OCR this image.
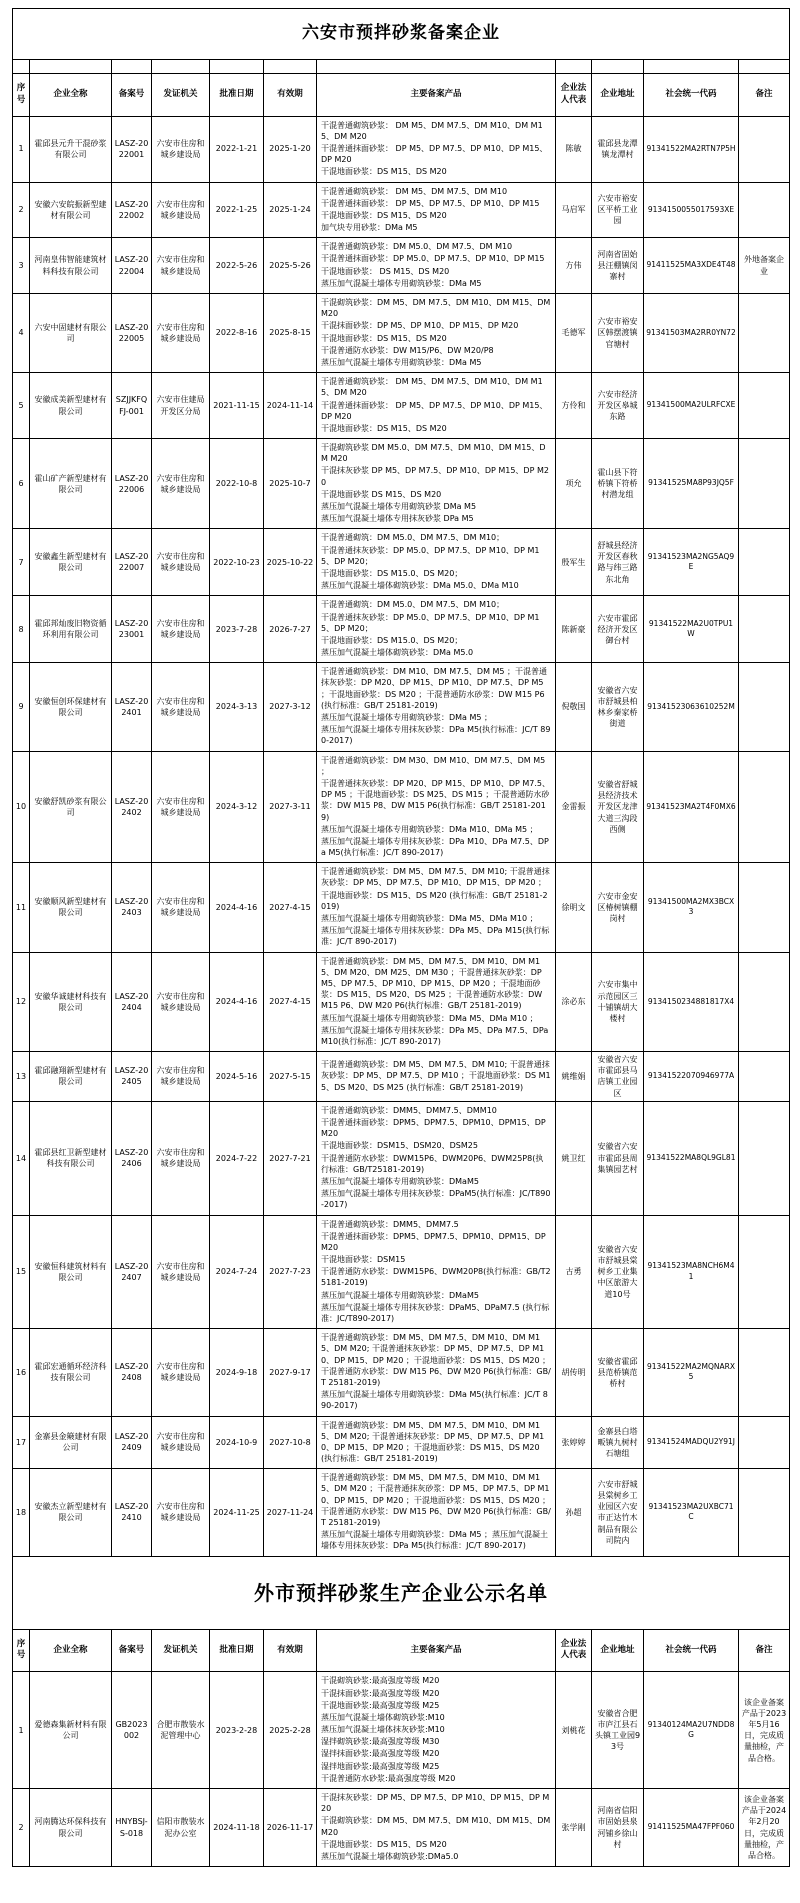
六安市预拌砂浆备案企业										

序号	企业全称	备案号	发证机关	批准日期	有效期	主要备案产品	企业法人代表	企业地址	社会统一代码	备注
1	霍邱县元升干混砂浆有限公司	LASZ-2022001	六安市住房和城乡建设局	2022-1-21	2025-1-20	干混普通砌筑砂浆： DM M5、DM M7.5、DM M10、DM M15、DM M20
干混普通抹面砂浆： DP M5、DP M7.5、DP M10、DP M15、DP M20
干混地面砂浆：DS M15、DS M20	陈敏	霍邱县龙潭镇龙潭村	91341522MA2RTN7P5H	
2	安徽六安皖振新型建材有限公司	LASZ-2022002	六安市住房和城乡建设局	2022-1-25	2025-1-24	干混普通砌筑砂浆： DM M5、DM M7.5、DM M10
干混普通抹面砂浆： DP M5、DP M7.5、DP M10、DP M15
干混地面砂浆：DS M15、DS M20
加气块专用砂浆：DMa M5	马启军	六安市裕安区平桥工业园	9134150055017593XE	
3	河南皇伟智能建筑材料科技有限公司	LASZ-2022004	六安市住房和城乡建设局	2022-5-26	2025-5-26	干混普通砌筑砂浆：DM M5.0、DM M7.5、DM M10
干混普通抹面砂浆：DP M5.0、DP M7.5、DP M10、DP M15
干混地面砂浆： DS M15、DS M20
蒸压加气混凝土墙体专用砌筑砂浆：DMa M5	方伟	河南省固始县汪棚镇闵寨村	91411525MA3XDE4T48	外地备案企业
4	六安中固建材有限公司	LASZ-2022005	六安市住房和城乡建设局	2022-8-16	2025-8-15	干混砌筑砂浆：DM M5、DM M7.5、DM M10、DM M15、DM M20
干混抹面砂浆：DP M5、DP M10、DP M15、DP M20
干混地面砂浆：DS M15、DS M20
干混普通防水砂浆：DW M15/P6、DW M20/P8
蒸压加气混凝土墙体专用砌筑砂浆：DMa M5	毛德军	六安市裕安区韩摆渡镇官塘村	91341503MA2RR0YN72	
5	安徽成美新型建材有限公司	SZJJKFQFJ-001	六安市住建局开发区分局	2021-11-15	2024-11-14	干混普通砌筑砂浆： DM M5、DM M7.5、DM M10、DM M15、DM M20
干混普通抹面砂浆： DP M5、DP M7.5、DP M10、DP M15、DP M20
干混地面砂浆：DS M15、DS M20	方伶和	六安市经济开发区皋城东路	91341500MA2ULRFCXE	
6	霍山矿产新型建材有限公司	LASZ-2022006	六安市住房和城乡建设局	2022-10-8	2025-10-7	干混砌筑砂浆 DM M5.0、DM M7.5、DM M10、DM M15、DM M20
干混抹灰砂浆 DP M5、DP M7.5、DP M10、DP M15、DP M20
干混地面砂浆 DS M15、DS M20
蒸压加气混凝土墙体专用砌筑砂浆 DMa M5
蒸压加气混凝土墙体专用抹灰砂浆 DPa M5	项允	霍山县下符桥镇下符桥村潜龙组	91341525MA8P93JQ5F	
7	安徽鑫生新型建材有限公司	LASZ-2022007	六安市住房和城乡建设局	2022-10-23	2025-10-22	干混普通砌筑：DM M5.0、DM M7.5、DM M10；
干混普通抹灰砂浆：DP M5.0、DP M7.5、DP M10、DP M15、DP M20；
干混地面砂浆：DS M15.0、DS M20；
蒸压加气混凝土墙体砌筑砂浆：DMa M5.0、DMa M10	殷军生	舒城县经济开发区春秋路与纬三路东北角	91341523MA2NG5AQ9E	
8	霍邱邦灿废旧物资循环利用有限公司	LASZ-2023001	六安市住房和城乡建设局	2023-7-28	2026-7-27	干混普通砌筑：DM M5.0、DM M7.5、DM M10；
干混普通抹灰砂浆：DP M5.0、DP M7.5、DP M10、DP M15、DP M20；
干混地面砂浆：DS M15.0、DS M20；
蒸压加气混凝土墙体砌筑砂浆：DMa M5.0	陈新豪	六安市霍邱经济开发区御台村	91341522MA2U0TPU1W	
9	安徽恒创环保建材有限公司	LASZ-202401	六安市住房和城乡建设局	2024-3-13	2027-3-12	干混普通砌筑砂浆：DM M10、DM M7.5、DM M5 ；干混普通抹灰砂浆：DP M20、DP M15、DP M10、DP M7.5、DP M5 ；干混地面砂浆：DS M20 ；干混普通防水砂浆：DW M15 P6(执行标准：GB/T 25181-2019)
蒸压加气混凝土墙体专用砌筑砂浆：DMa M5 ；
蒸压加气混凝土墙体专用抹灰砂浆：DPa M5(执行标准：JC/T 890-2017)	倪敬国	安徽省六安市舒城县柏林乡秦家桥街道	91341523063610252M	
10	安徽舒凯砂浆有限公司	LASZ-202402	六安市住房和城乡建设局	2024-3-12	2027-3-11	干混普通砌筑砂浆：DM M30、DM M10、DM M7.5、DM M5 ；
干混普通抹灰砂浆：DP M20、DP M15、DP M10、DP M7.5、DP M5 ；干混地面砂浆：DS M25、DS M15 ；干混普通防水砂浆：DW M15 P8、DW M15 P6(执行标准：GB/T 25181-2019)
蒸压加气混凝土墙体专用砌筑砂浆：DMa M10、DMa M5 ；
蒸压加气混凝土墙体专用抹灰砂浆：DPa M10、DPa M7.5、DPa M5(执行标准：JC/T 890-2017)	金雷振	安徽省舒城县经济技术开发区龙津大道三沟段西侧	91341523MA2T4F0MX6	
11	安徽顺风新型建材有限公司	LASZ-202403	六安市住房和城乡建设局	2024-4-16	2027-4-15	干混普通砌筑砂浆：DM M5、DM M7.5、DM M10; 干混普通抹灰砂浆：DP M5、DP M7.5、DP M10、DP M15、DP M20 ；
干混地面砂浆：DS M15、DS M20 (执行标准：GB/T 25181-2019)
蒸压加气混凝土墙体专用砌筑砂浆：DMa M5、DMa M10 ；
蒸压加气混凝土墙体专用抹灰砂浆：DPa M5、DPa M15(执行标准：JC/T 890-2017)	徐明文	六安市金安区椿树镇棚岗村	91341500MA2MX3BCX3	
12	安徽华诚建材科技有限公司	LASZ-202404	六安市住房和城乡建设局	2024-4-16	2027-4-15	干混普通砌筑砂浆：DM M5、DM M7.5、DM M10、DM M15、DM M20、DM M25、DM M30 ；干混普通抹灰砂浆：DP M5、DP M7.5、DP M10、DP M15、DP M20 ；干混地面砂浆：DS M15、DS M20、DS M25 ；干混普通防水砂浆：DW M15 P6、DW M20 P6(执行标准：GB/T 25181-2019)
蒸压加气混凝土墙体专用砌筑砂浆：DMa M5、DMa M10 ；
蒸压加气混凝土墙体专用抹灰砂浆：DPa M5、DPa M7.5、DPa M10(执行标准：JC/T 890-2017)	涂必东	六安市集中示范园区三十铺镇胡大楼村	9134150234881817X4	
13	霍邱融翔新型建材有限公司	LASZ-202405	六安市住房和城乡建设局	2024-5-16	2027-5-15	干混普通砌筑砂浆：DM M5、DM M7.5、DM M10; 干混普通抹灰砂浆：DP M5、DP M7.5、DP M10 ；干混地面砂浆：DS M15、DS M20、DS M25 (执行标准：GB/T 25181-2019)	姚维娟	安徽省六安市霍邱县马店镇工业园区	91341522070946977A	
14	霍邱县红卫新型建材科技有限公司	LASZ-202406	六安市住房和城乡建设局	2024-7-22	2027-7-21	
干混普通砌筑砂浆：DMM5、DMM7.5、DMM10
干混普通抹面砂浆：DPM5、DPM7.5、DPM10、DPM15、DPM20
干混地面砂浆：DSM15、DSM20、DSM25
干混普通防水砂浆：DWM15P6、DWM20P6、DWM25P8(执行标准：GB/T25181-2019)
蒸压加气混凝土墙体专用砌筑砂浆：DMaM5
蒸压加气混凝土墙体专用抹灰砂浆：DPaM5(执行标准：JC/T890-2017)
	姚卫红	安徽省六安市霍邱县周集镇园艺村	91341522MA8QL9GL81	
15	安徽恒科建筑材料有限公司	LASZ-202407	六安市住房和城乡建设局	2024-7-24	2027-7-23	
干混普通砌筑砂浆：DMM5、DMM7.5
干混普通抹面砂浆：DPM5、DPM7.5、DPM10、DPM15、DPM20
干混地面砂浆：DSM15
干混普通防水砂浆：DWM15P6、DWM20P8(执行标准：GB/T25181-2019)
蒸压加气混凝土墙体专用砌筑砂浆：DMaM5
蒸压加气混凝土墙体专用抹灰砂浆：DPaM5、DPaM7.5 (执行标准：JC/T890-2017)
	古勇	安徽省六安市舒城县棠树乡工业集中区旅游大道10号	91341523MA8NCH6M41	
16	霍邱宏通循环经济科技有限公司	LASZ-202408	六安市住房和城乡建设局	2024-9-18	2027-9-17	干混普通砌筑砂浆：DM M5、DM M7.5、DM M10、DM M15、DM M20; 干混普通抹灰砂浆：DP M5、DP M7.5、DP M10、DP M15、DP M20 ；干混地面砂浆：DS M15、DS M20 ；干混普通防水砂浆：DW M15 P6、DW M20 P6(执行标准：GB/T 25181-2019)
蒸压加气混凝土墙体专用砌筑砂浆：DMa M5(执行标准：JC/T 890-2017)	胡传明	安徽省霍邱县范桥镇范桥村	91341522MA2MQNARX5	
17	金寨县金簸建材有限公司	LASZ-202409	六安市住房和城乡建设局	2024-10-9	2027-10-8	干混普通砌筑砂浆：DM M5、DM M7.5、DM M10、DM M15、DM M20; 干混普通抹灰砂浆：DP M5、DP M7.5、DP M10、DP M15、DP M20 ；干混地面砂浆：DS M15、DS M20 (执行标准：GB/T 25181-2019)	张婷婷	金寨县白塔畈镇九树村石塘组	91341524MADQU2Y91J	
18	安徽杰立新型建材有限公司	LASZ-202410	六安市住房和城乡建设局	2024-11-25	2027-11-24	干混普通砌筑砂浆：DM M5、DM M7.5、DM M10、DM M15、DM M20 ；干混普通抹灰砂浆：DP M5、DP M7.5、DP M10、DP M15、DP M20 ；干混地面砂浆：DS M15、DS M20 ；干混普通防水砂浆：DW M15 P6、DW M20 P6(执行标准：GB/T 25181-2019)
蒸压加气混凝土墙体专用砌筑砂浆：DMa M5 ；蒸压加气混凝土墙体专用抹灰砂浆：DPa M5(执行标准：JC/T 890-2017)	孙超	六安市舒城县棠树乡工业园区六安市正达竹木制品有限公司院内	91341523MA2UXBC71C	
外市预拌砂浆生产企业公示名单										
序号	企业全称	备案号	发证机关	批准日期	有效期	主要备案产品	企业法人代表	企业地址	社会统一代码	备注
1	爱德森集新材料有限公司	GB2023002	合肥市散装水泥管理中心	2023-2-28	2025-2-28	
干混砌筑砂浆:最高强度等级 M20
干混抹面砂浆:最高强度等级 M20
干混地面砂浆:最高强度等级 M25
蒸压加气混凝土墙体砌筑砂浆:M10
蒸压加气混凝土墙体抹灰砂浆:M10
湿拌砌筑砂浆:最高强度等级 M30
湿拌抹面砂浆:最高强度等级 M20
湿拌地面砂浆:最高强度等级 M25
干混普通防水砂浆:最高强度等级 M20
	刘桃花	安徽省合肥市庐江县石头镇工业园93号	91340124MA2U7NDD8G	该企业备案产品于2023年5月16日，完成质量抽检，产品合格。
2	河南腾达环保科技有限公司	HNYBSJ-S-018	信阳市散装水泥办公室	2024-11-18	2026-11-17	干混抹灰砂浆：DP M5、DP M7.5、DP M10、DP M15、DP M20
干混砌筑砂浆：DM M5、DM M7.5、DM M10、DM M15、DM M20
干混地面砂浆：DS M15、DS M20
蒸压加气混凝土墙体砌筑砂浆:DMa5.0	张学刚	河南省信阳市固始县泉河铺乡徐山村	91411525MA47FPF060	该企业备案产品于2024年2月20日，完成质量抽检，产品合格。
